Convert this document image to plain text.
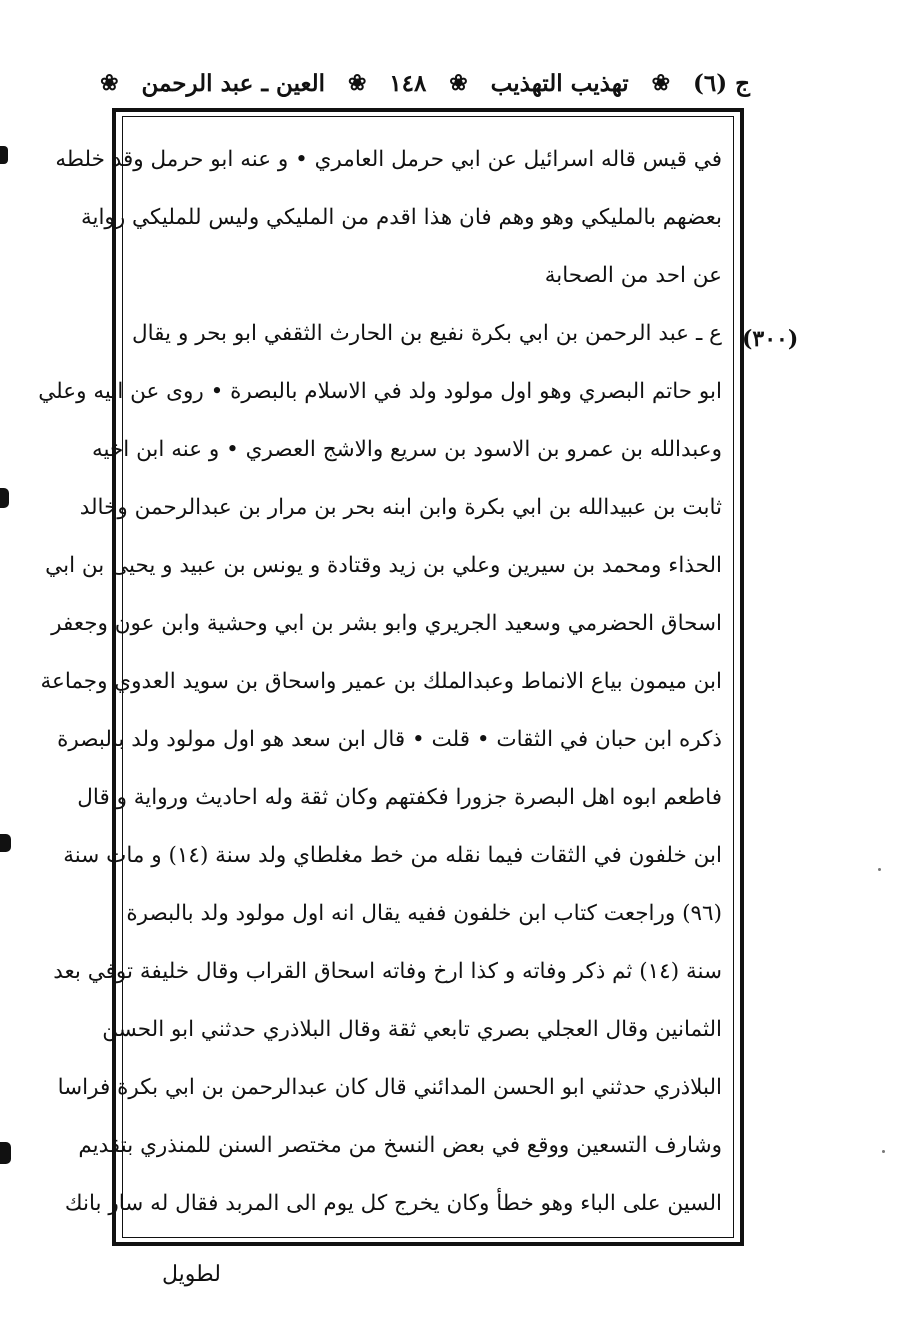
ج (٦)
❀
تهذيب التهذيب
❀
١٤٨
❀
العين ـ عبد الرحمن
❀
(٣٠٠)
في قيس قاله اسرائيل عن ابي حرمل العامري • و عنه ابو حرمل وقد خلطه
بعضهم بالمليكي وهو وهم فان هذا اقدم من المليكي وليس للمليكي رواية
عن احد من الصحابة
ع ـ عبد الرحمن بن ابي بكرة نفيع بن الحارث الثقفي ابو بحر و يقال
ابو حاتم البصري وهو اول مولود ولد في الاسلام بالبصرة • روى عن ابيه وعلي
وعبدالله بن عمرو بن الاسود بن سريع والاشج العصري • و عنه ابن اخيه
ثابت بن عبيدالله بن ابي بكرة وابن ابنه بحر بن مرار بن عبدالرحمن وخالد
الحذاء ومحمد بن سيرين وعلي بن زيد وقتادة و يونس بن عبيد و يحيى بن ابي
اسحاق الحضرمي وسعيد الجريري وابو بشر بن ابي وحشية وابن عون وجعفر
ابن ميمون بياع الانماط وعبدالملك بن عمير واسحاق بن سويد العدوي وجماعة
ذكره ابن حبان في الثقات • قلت • قال ابن سعد هو اول مولود ولد بالبصرة
فاطعم ابوه اهل البصرة جزورا فكفتهم وكان ثقة وله احاديث ورواية و قال
ابن خلفون في الثقات فيما نقله من خط مغلطاي ولد سنة (١٤) و مات سنة
(٩٦) وراجعت كتاب ابن خلفون ففيه يقال انه اول مولود ولد بالبصرة
سنة (١٤) ثم ذكر وفاته و كذا ارخ وفاته اسحاق القراب وقال خليفة توفي بعد
الثمانين وقال العجلي بصري تابعي ثقة وقال البلاذري حدثني ابو الحسن
البلاذري حدثني ابو الحسن المدائني قال كان عبدالرحمن بن ابي بكرة فراسا
وشارف التسعين ووقع في بعض النسخ من مختصر السنن للمنذري بتقديم
السين على الباء وهو خطأ وكان يخرج كل يوم الى المربد فقال له سار بانك
لطويل
